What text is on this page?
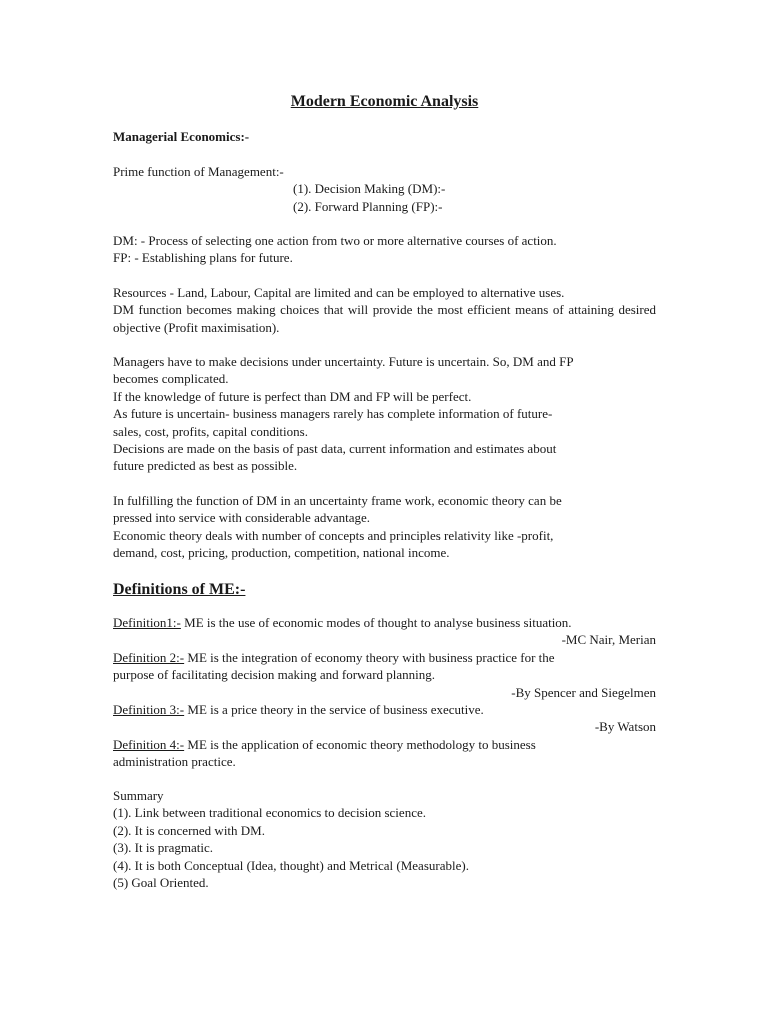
Modern Economic Analysis
Managerial Economics:-
Prime function of Management:-
(1). Decision Making (DM):-
(2). Forward Planning (FP):-
DM: - Process of selecting one action from two or more alternative courses of action.
FP: - Establishing plans for future.
Resources - Land, Labour, Capital are limited and can be employed to alternative uses.
DM function becomes making choices that will provide the most efficient means of attaining desired objective (Profit maximisation).
Managers have to make decisions under uncertainty. Future is uncertain. So, DM and FP
becomes complicated.
If the knowledge of future is perfect than DM and FP will be perfect.
As future is uncertain- business managers rarely has complete information of future-
sales, cost, profits, capital conditions.
Decisions are made on the basis of past data, current information and estimates about
future predicted as best as possible.
In fulfilling the function of DM in an uncertainty frame work, economic theory can be
pressed into service with considerable advantage.
Economic theory deals with number of concepts and principles relativity like -profit,
demand, cost, pricing, production, competition, national income.
Definitions of ME:-
Definition1:- ME is the use of economic modes of thought to analyse business situation.
-MC Nair, Merian
Definition 2:- ME is the integration of economy theory with business practice for the
purpose of facilitating decision making and forward planning.
-By Spencer and Siegelmen
Definition 3:- ME is a price theory in the service of business executive.
-By Watson
Definition 4:- ME is the application of economic theory methodology to business
administration practice.
Summary
(1). Link between traditional economics to decision science.
(2). It is concerned with DM.
(3). It is pragmatic.
(4). It is both Conceptual (Idea, thought) and Metrical (Measurable).
(5) Goal Oriented.
